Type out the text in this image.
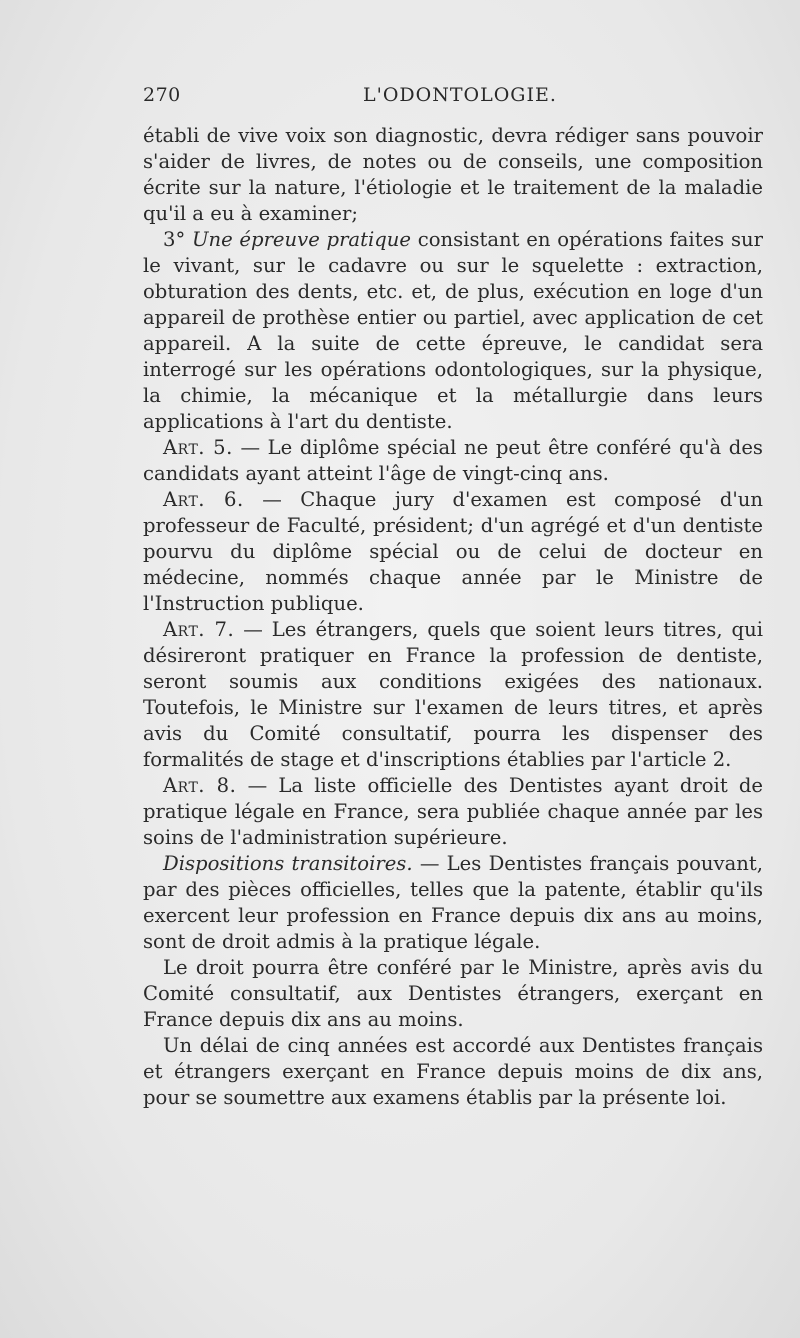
270	L'ODONTOLOGIE.

établi de vive voix son diagnostic, devra rédiger sans pouvoir s'aider de livres, de notes ou de conseils, une composition écrite sur la nature, l'étiologie et le traitement de la maladie qu'il a eu à examiner;

3° Une épreuve pratique consistant en opérations faites sur le vivant, sur le cadavre ou sur le squelette : extraction, obturation des dents, etc. et, de plus, exécution en loge d'un appareil de prothèse entier ou partiel, avec application de cet appareil. A la suite de cette épreuve, le candidat sera interrogé sur les opérations odontologiques, sur la physique, la chimie, la mécanique et la métallurgie dans leurs applications à l'art du dentiste.

Art. 5. — Le diplôme spécial ne peut être conféré qu'à des candidats ayant atteint l'âge de vingt-cinq ans.

Art. 6. — Chaque jury d'examen est composé d'un professeur de Faculté, président; d'un agrégé et d'un dentiste pourvu du diplôme spécial ou de celui de docteur en médecine, nommés chaque année par le Ministre de l'Instruction publique.

Art. 7. — Les étrangers, quels que soient leurs titres, qui désireront pratiquer en France la profession de dentiste, seront soumis aux conditions exigées des nationaux. Toutefois, le Ministre sur l'examen de leurs titres, et après avis du Comité consultatif, pourra les dispenser des formalités de stage et d'inscriptions établies par l'article 2.

Art. 8. — La liste officielle des Dentistes ayant droit de pratique légale en France, sera publiée chaque année par les soins de l'administration supérieure.

Dispositions transitoires. — Les Dentistes français pouvant, par des pièces officielles, telles que la patente, établir qu'ils exercent leur profession en France depuis dix ans au moins, sont de droit admis à la pratique légale.

Le droit pourra être conféré par le Ministre, après avis du Comité consultatif, aux Dentistes étrangers, exerçant en France depuis dix ans au moins.

Un délai de cinq années est accordé aux Dentistes français et étrangers exerçant en France depuis moins de dix ans, pour se soumettre aux examens établis par la présente loi.
